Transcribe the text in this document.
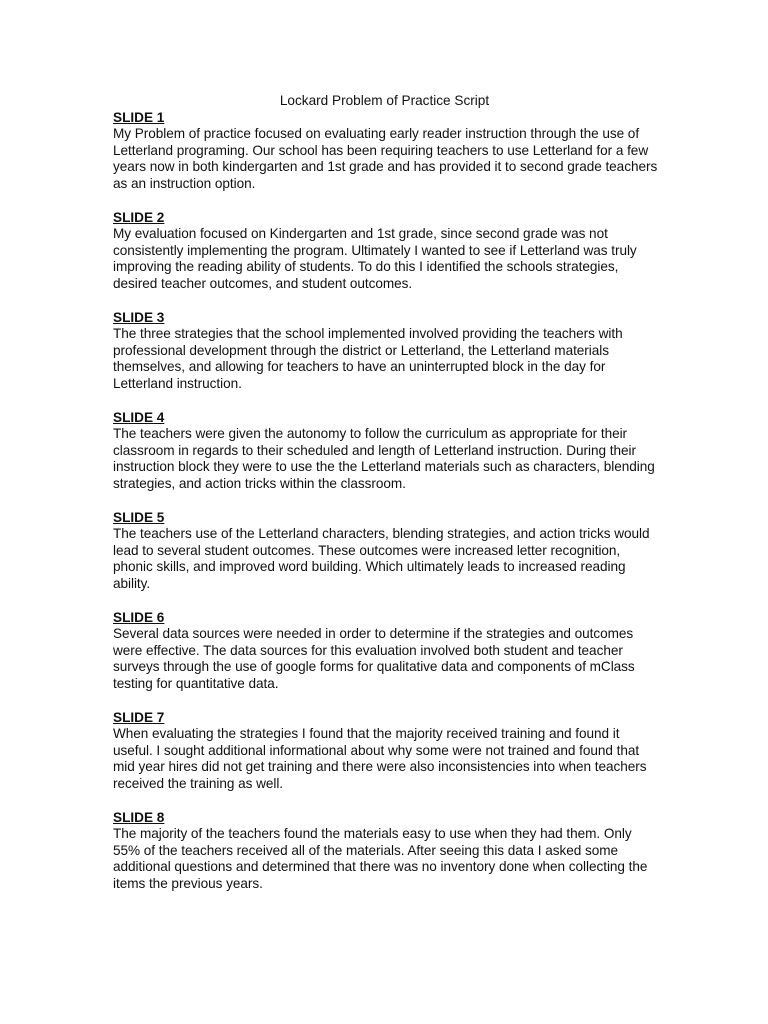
Lockard Problem of Practice Script

SLIDE 1

My Problem of practice focused on evaluating early reader instruction through the use of Letterland programing. Our school has been requiring teachers to use Letterland for a few years now in both kindergarten and 1st grade and has provided it to second grade teachers as an instruction option.

SLIDE 2

My evaluation focused on Kindergarten and 1st grade, since second grade was not consistently implementing the program. Ultimately I wanted to see if Letterland was truly improving the reading ability of students. To do this I identified the schools strategies, desired teacher outcomes, and student outcomes.

SLIDE 3

The three strategies that the school implemented involved providing the teachers with professional development through the district or Letterland, the Letterland materials themselves, and allowing for teachers to have an uninterrupted block in the day for Letterland instruction.

SLIDE 4

The teachers were given the autonomy to follow the curriculum as appropriate for their classroom in regards to their scheduled and length of Letterland instruction. During their instruction block they were to use the the Letterland materials such as characters, blending strategies, and action tricks within the classroom.

SLIDE 5

The teachers use of the Letterland characters, blending strategies, and action tricks would lead to several student outcomes. These outcomes were increased letter recognition, phonic skills, and improved word building. Which ultimately leads to increased reading ability.

SLIDE 6

Several data sources were needed in order to determine if the strategies and outcomes were effective. The data sources for this evaluation involved both student and teacher surveys through the use of google forms for qualitative data and components of mClass testing for quantitative data.

SLIDE 7

When evaluating the strategies I found that the majority received training and found it useful. I sought additional informational about why some were not trained and found that mid year hires did not get training and there were also inconsistencies into when teachers received the training as well.

SLIDE 8

The majority of the teachers found the materials easy to use when they had them. Only 55% of the teachers received all of the materials. After seeing this data I asked some additional questions and determined that there was no inventory done when collecting the items the previous years.
